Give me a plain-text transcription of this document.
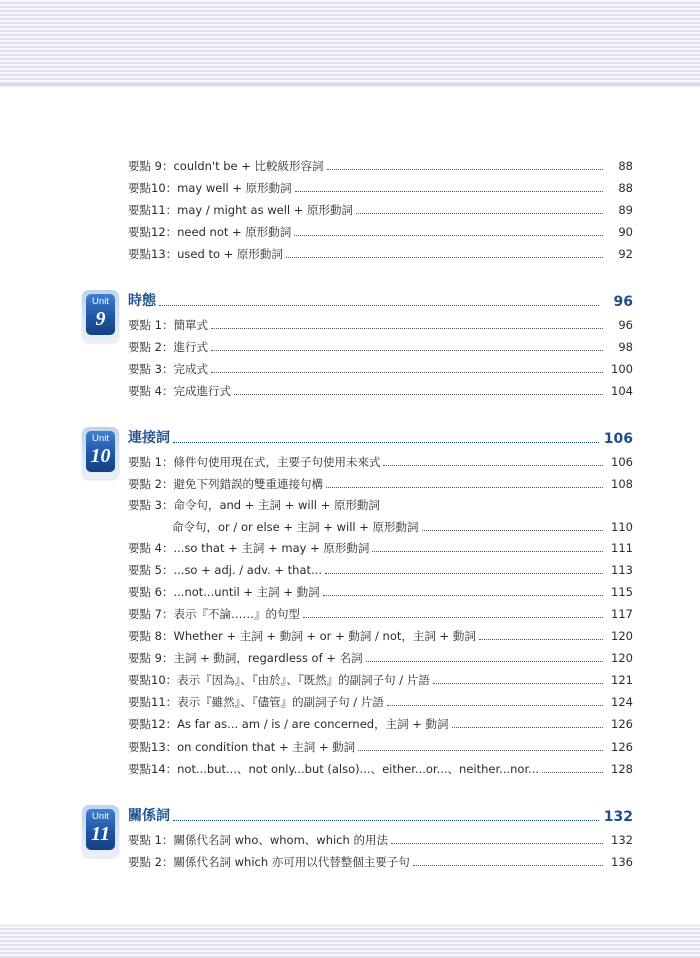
要點 9：couldn't be + 比較級形容詞	88
要點10：may well + 原形動詞	88
要點11：may / might as well + 原形動詞	89
要點12：need not + 原形動詞	90
要點13：used to + 原形動詞	92
Unit
9
時態	96
要點 1：簡單式	96
要點 2：進行式	98
要點 3：完成式	100
要點 4：完成進行式	104
Unit
10
連接詞	106
要點 1：條件句使用現在式，主要子句使用未來式	106
要點 2：避免下列錯誤的雙重連接句構	108
要點 3：命令句，and + 主詞 + will + 原形動詞
命令句，or / or else + 主詞 + will + 原形動詞	110
要點 4：...so that + 主詞 + may + 原形動詞	111
要點 5：...so + adj. / adv. + that...	113
要點 6：...not...until + 主詞 + 動詞	115
要點 7：表示『不論……』的句型	117
要點 8：Whether + 主詞 + 動詞 + or + 動詞 / not，主詞 + 動詞	120
要點 9：主詞 + 動詞，regardless of + 名詞	120
要點10：表示『因為』、『由於』、『既然』的副詞子句 / 片語	121
要點11：表示『雖然』、『儘管』的副詞子句 / 片語	124
要點12：As far as... am / is / are concerned，主詞 + 動詞	126
要點13：on condition that + 主詞 + 動詞	126
要點14：not...but...、not only...but (also)...、either...or...、neither...nor...	128
Unit
11
關係詞	132
要點 1：關係代名詞 who、whom、which 的用法	132
要點 2：關係代名詞 which 亦可用以代替整個主要子句	136
